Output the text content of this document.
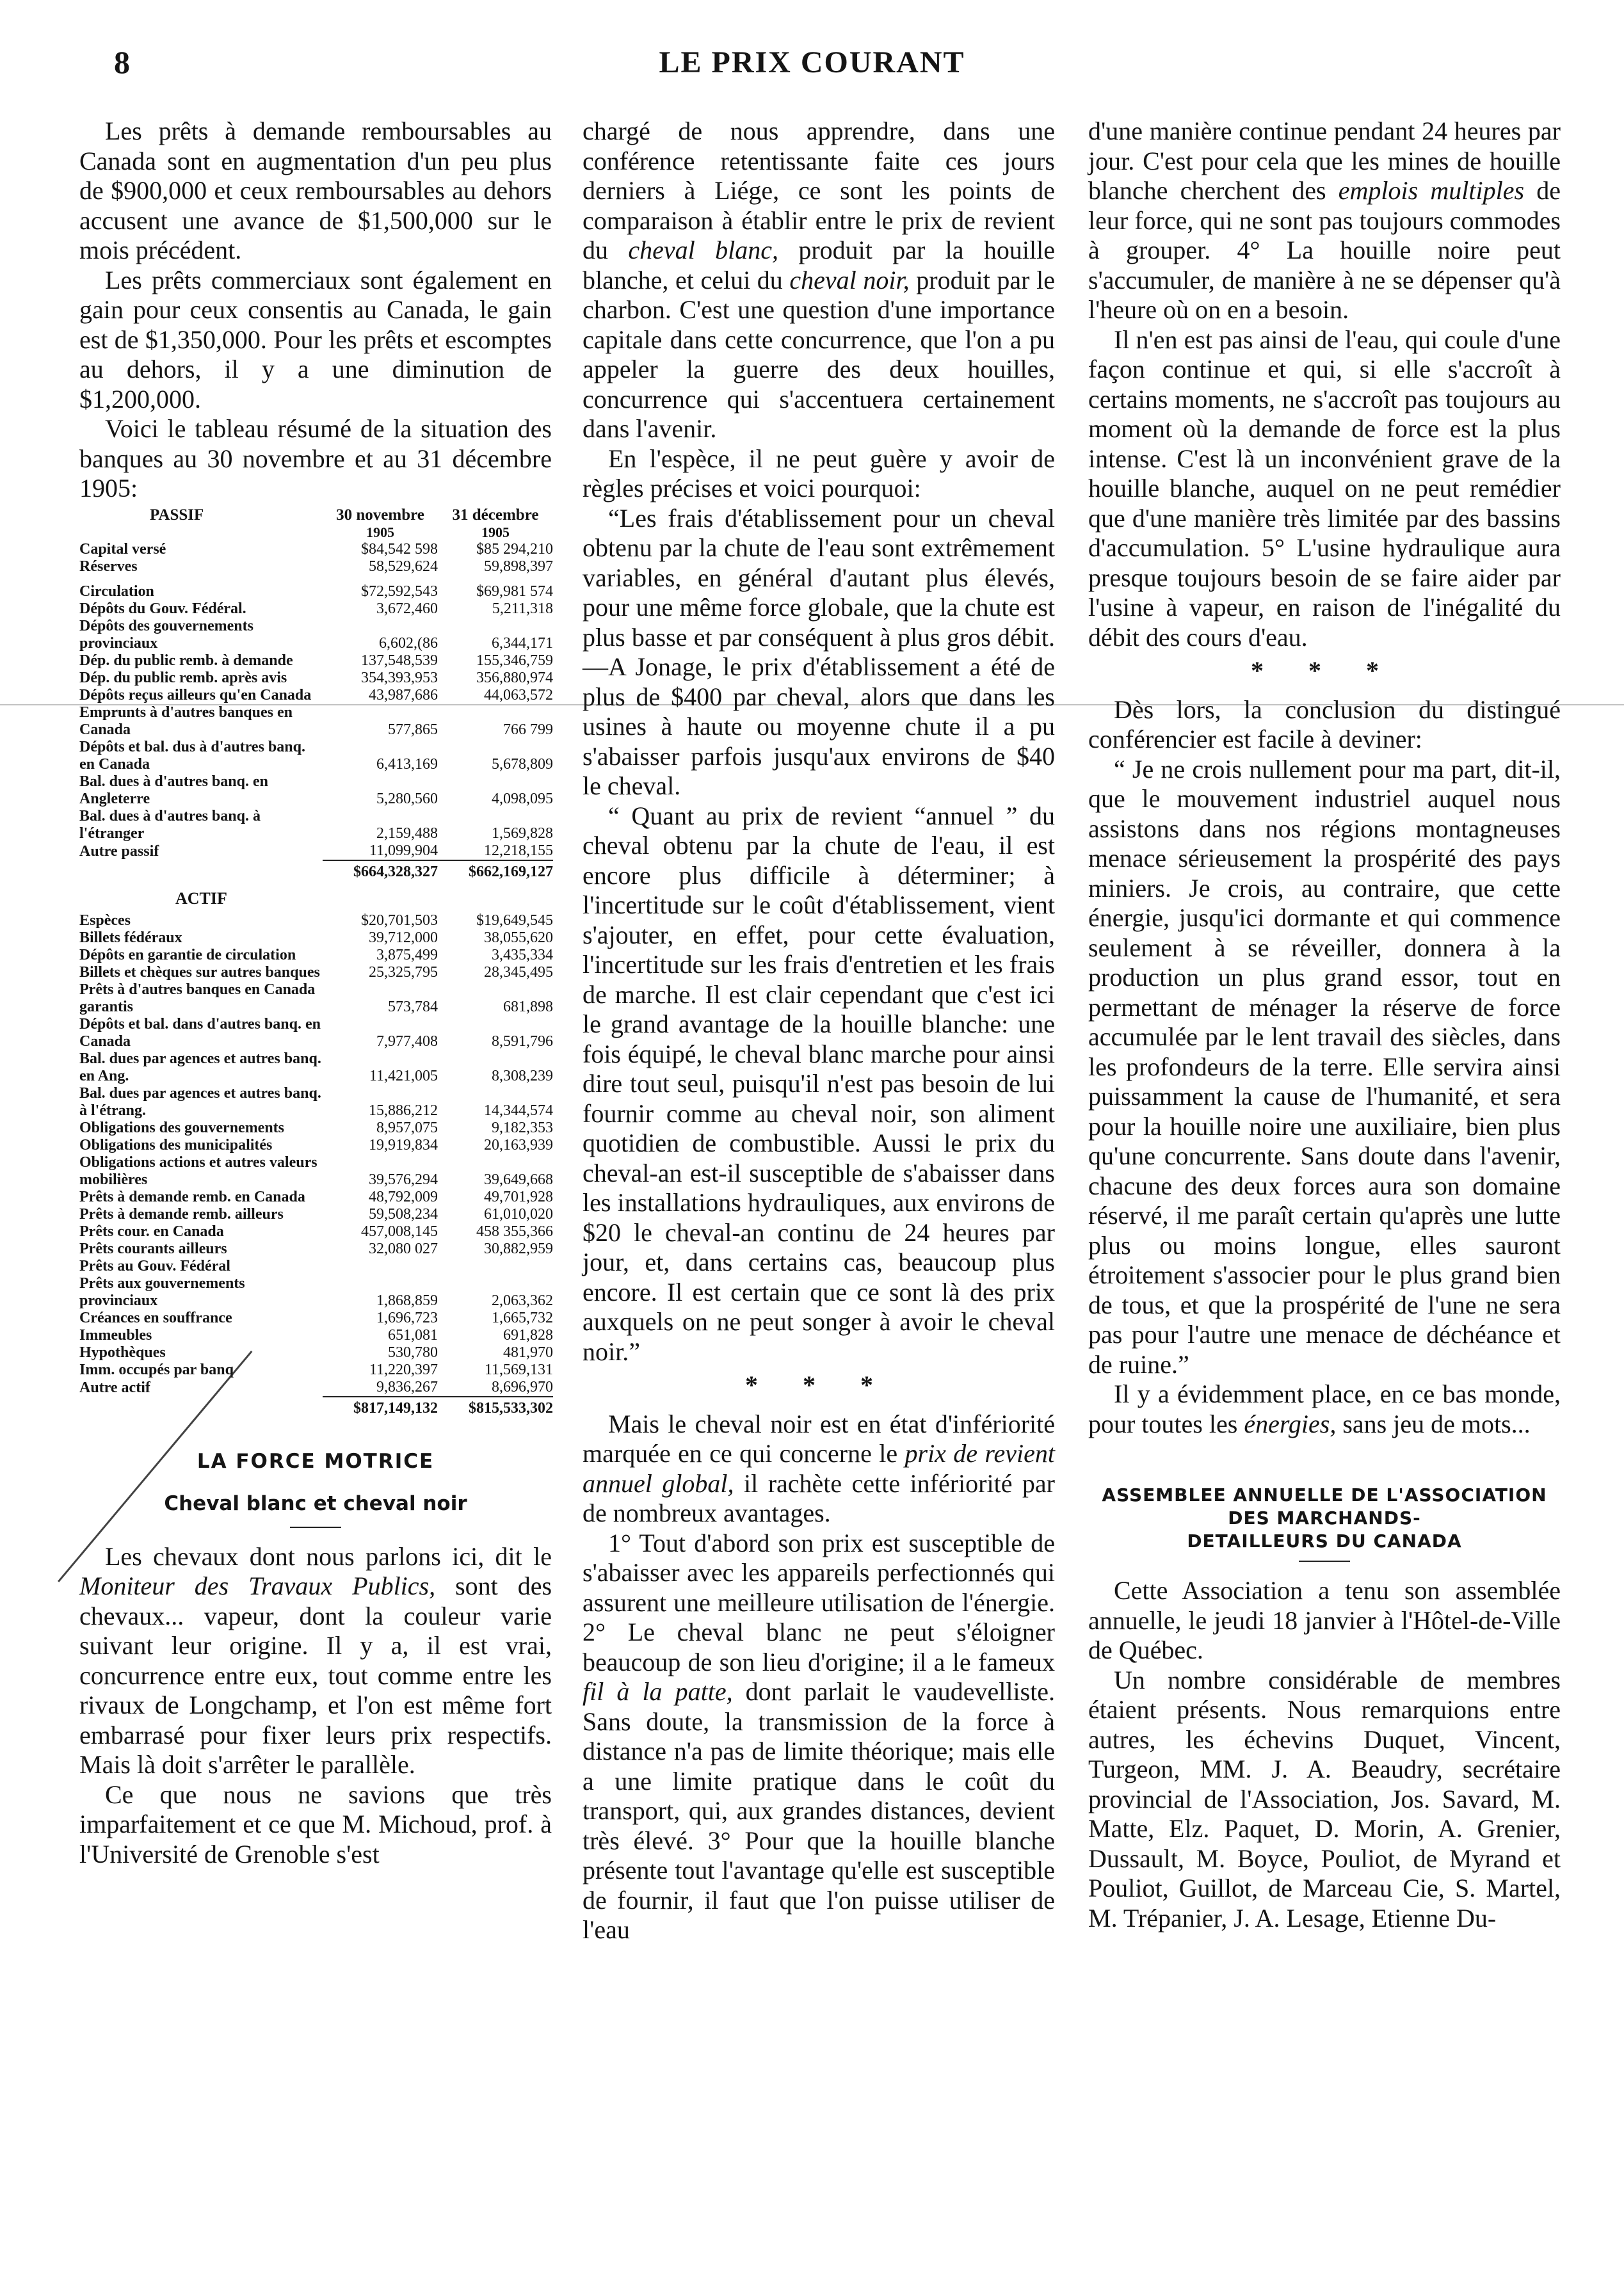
8	LE PRIX COURANT

Les prêts à demande remboursables au Canada sont en augmentation d'un peu plus de $900,000 et ceux remboursables au dehors accusent une avance de $1,500,000 sur le mois précédent.

Les prêts commerciaux sont également en gain pour ceux consentis au Canada, le gain est de $1,350,000. Pour les prêts et escomptes au dehors, il y a une diminution de $1,200,000.

Voici le tableau résumé de la situation des banques au 30 novembre et au 31 décembre 1905:

PASSIF	30 novembre	31 décembre
	1905	1905
Capital versé	$84,542 598	$85 294,210
Réserves	58,529,624	59,898,397

Circulation	$72,592,543	$69,981 574
Dépôts du Gouv. Fédéral.	3,672,460	5,211,318
Dépôts des gouvernements provinciaux	6,602,(86	6,344,171
Dép. du public remb. à demande	137,548,539	155,346,759
Dép. du public remb. après avis	354,393,953	356,880,974
Dépôts reçus ailleurs qu'en Canada	43,987,686	44,063,572
Emprunts à d'autres banques en Canada	577,865	766 799
Dépôts et bal. dus à d'autres banq. en Canada	6,413,169	5,678,809
Bal. dues à d'autres banq. en Angleterre	5,280,560	4,098,095
Bal. dues à d'autres banq. à l'étranger	2,159,488	1,569,828
Autre passif	11,099,904	12,218,155
	$664,328,327	$662,169,127
ACTIF		
Espèces	$20,701,503	$19,649,545
Billets fédéraux	39,712,000	38,055,620
Dépôts en garantie de circulation	3,875,499	3,435,334
Billets et chèques sur autres banques	25,325,795	28,345,495
Prêts à d'autres banques en Canada garantis	573,784	681,898
Dépôts et bal. dans d'autres banq. en Canada	7,977,408	8,591,796
Bal. dues par agences et autres banq. en Ang.	11,421,005	8,308,239
Bal. dues par agences et autres banq. à l'étrang.	15,886,212	14,344,574
Obligations des gouvernements	8,957,075	9,182,353
Obligations des municipalités	19,919,834	20,163,939
Obligations actions et autres valeurs mobilières	39,576,294	39,649,668
Prêts à demande remb. en Canada	48,792,009	49,701,928
Prêts à demande remb. ailleurs	59,508,234	61,010,020
Prêts cour. en Canada	457,008,145	458 355,366
Prêts courants ailleurs	32,080 027	30,882,959
Prêts au Gouv. Fédéral		
Prêts aux gouvernements provinciaux	1,868,859	2,063,362
Créances en souffrance	1,696,723	1,665,732
Immeubles	651,081	691,828
Hypothèques	530,780	481,970
Imm. occupés par banq	11,220,397	11,569,131
Autre actif	9,836,267	8,696,970
	$817,149,132	$815,533,302
LA FORCE MOTRICE
Cheval blanc et cheval noir

Les chevaux dont nous parlons ici, dit le Moniteur des Travaux Publics, sont des chevaux... vapeur, dont la couleur varie suivant leur origine. Il y a, il est vrai, concurrence entre eux, tout comme entre les rivaux de Longchamp, et l'on est même fort embarrasé pour fixer leurs prix respectifs. Mais là doit s'arrêter le parallèle.

Ce que nous ne savions que très imparfaitement et ce que M. Michoud, prof. à l'Université de Grenoble s'est

chargé de nous apprendre, dans une conférence retentissante faite ces jours derniers à Liége, ce sont les points de comparaison à établir entre le prix de revient du cheval blanc, produit par la houille blanche, et celui du cheval noir, produit par le charbon. C'est une question d'une importance capitale dans cette concurrence, que l'on a pu appeler la guerre des deux houilles, concurrence qui s'accentuera certainement dans l'avenir.

En l'espèce, il ne peut guère y avoir de règles précises et voici pourquoi:

“Les frais d'établissement pour un cheval obtenu par la chute de l'eau sont extrêmement variables, en général d'autant plus élevés, pour une même force globale, que la chute est plus basse et par conséquent à plus gros débit.—A Jonage, le prix d'établissement a été de plus de $400 par cheval, alors que dans les usines à haute ou moyenne chute il a pu s'abaisser parfois jusqu'aux environs de $40 le cheval.

“ Quant au prix de revient “annuel ” du cheval obtenu par la chute de l'eau, il est encore plus difficile à déterminer; à l'incertitude sur le coût d'établissement, vient s'ajouter, en effet, pour cette évaluation, l'incertitude sur les frais d'entretien et les frais de marche. Il est clair cependant que c'est ici le grand avantage de la houille blanche: une fois équipé, le cheval blanc marche pour ainsi dire tout seul, puisqu'il n'est pas besoin de lui fournir comme au cheval noir, son aliment quotidien de combustible. Aussi le prix du cheval-an est-il susceptible de s'abaisser dans les installations hydrauliques, aux environs de $20 le cheval-an continu de 24 heures par jour, et, dans certains cas, beaucoup plus encore. Il est certain que ce sont là des prix auxquels on ne peut songer à avoir le cheval noir.”

* * *

Mais le cheval noir est en état d'infériorité marquée en ce qui concerne le prix de revient annuel global, il rachète cette infériorité par de nombreux avantages.

1° Tout d'abord son prix est susceptible de s'abaisser avec les appareils perfectionnés qui assurent une meilleure utilisation de l'énergie. 2° Le cheval blanc ne peut s'éloigner beaucoup de son lieu d'origine; il a le fameux fil à la patte, dont parlait le vaudevelliste. Sans doute, la transmission de la force à distance n'a pas de limite théorique; mais elle a une limite pratique dans le coût du transport, qui, aux grandes distances, devient très élevé. 3° Pour que la houille blanche présente tout l'avantage qu'elle est susceptible de fournir, il faut que l'on puisse utiliser de l'eau

d'une manière continue pendant 24 heures par jour. C'est pour cela que les mines de houille blanche cherchent des emplois multiples de leur force, qui ne sont pas toujours commodes à grouper. 4° La houille noire peut s'accumuler, de manière à ne se dépenser qu'à l'heure où on en a besoin.

Il n'en est pas ainsi de l'eau, qui coule d'une façon continue et qui, si elle s'accroît à certains moments, ne s'accroît pas toujours au moment où la demande de force est la plus intense. C'est là un inconvénient grave de la houille blanche, auquel on ne peut remédier que d'une manière très limitée par des bassins d'accumulation. 5° L'usine hydraulique aura presque toujours besoin de se faire aider par l'usine à vapeur, en raison de l'inégalité du débit des cours d'eau.

* * *

Dès lors, la conclusion du distingué conférencier est facile à deviner:

“ Je ne crois nullement pour ma part, dit-il, que le mouvement industriel auquel nous assistons dans nos régions montagneuses menace sérieusement la prospérité des pays miniers. Je crois, au contraire, que cette énergie, jusqu'ici dormante et qui commence seulement à se réveiller, donnera à la production un plus grand essor, tout en permettant de ménager la réserve de force accumulée par le lent travail des siècles, dans les profondeurs de la terre. Elle servira ainsi puissamment la cause de l'humanité, et sera pour la houille noire une auxiliaire, bien plus qu'une concurrente. Sans doute dans l'avenir, chacune des deux forces aura son domaine réservé, il me paraît certain qu'après une lutte plus ou moins longue, elles sauront étroitement s'associer pour le plus grand bien de tous, et que la prospérité de l'une ne sera pas pour l'autre une menace de déchéance et de ruine.”

Il y a évidemment place, en ce bas monde, pour toutes les énergies, sans jeu de mots...

ASSEMBLEE ANNUELLE DE L'ASSOCIATION DES MARCHANDS-
DETAILLEURS DU CANADA

Cette Association a tenu son assemblée annuelle, le jeudi 18 janvier à l'Hôtel-de-Ville de Québec.

Un nombre considérable de membres étaient présents. Nous remarquions entre autres, les échevins Duquet, Vincent, Turgeon, MM. J. A. Beaudry, secrétaire provincial de l'Association, Jos. Savard, M. Matte, Elz. Paquet, D. Morin, A. Grenier, Dussault, M. Boyce, Pouliot, de Myrand et Pouliot, Guillot, de Marceau Cie, S. Martel, M. Trépanier, J. A. Lesage, Etienne Du-
